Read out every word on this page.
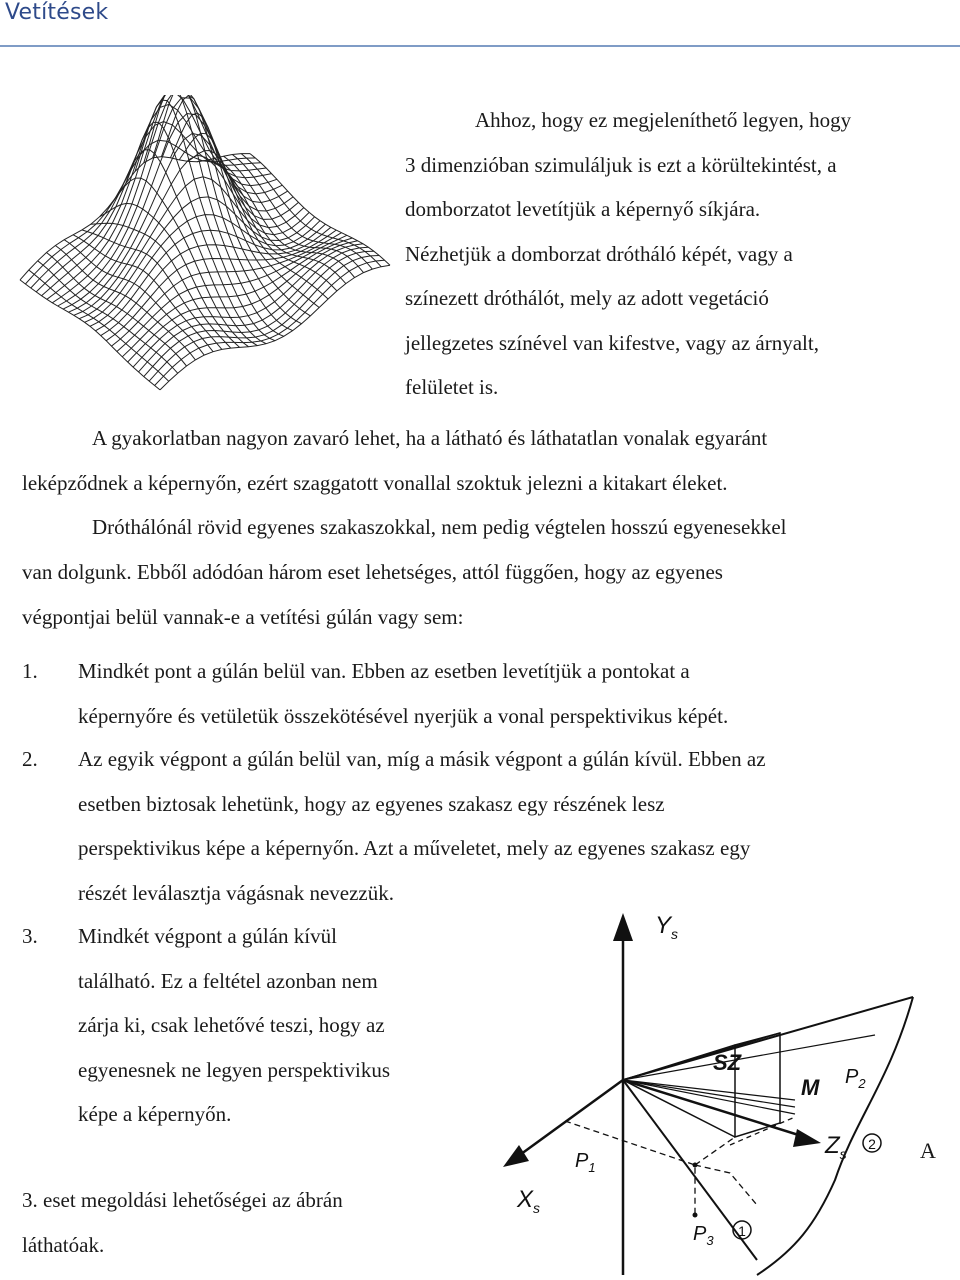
Vetítések

Ahhoz, hogy ez megjeleníthető legyen, hogy

3 dimenzióban szimuláljuk is ezt a körültekintést, a

domborzatot levetítjük a képernyő síkjára.

Nézhetjük a domborzat drótháló képét, vagy a

színezett dróthálót, mely az adott vegetáció

jellegzetes színével van kifestve, vagy az árnyalt,

felületet is.

A gyakorlatban nagyon zavaró lehet, ha a látható és láthatatlan vonalak egyaránt
leképződnek a képernyőn, ezért szaggatott vonallal szoktuk jelezni a kitakart éleket.
Dróthálónál rövid egyenes szakaszokkal, nem pedig végtelen hosszú egyenesekkel
van dolgunk. Ebből adódóan három eset lehetséges, attól függően, hogy az egyenes
végpontjai belül vannak-e a vetítési gúlán vagy sem:
1. Mindkét pont a gúlán belül van. Ebben az esetben levetítjük a pontokat a
képernyőre és vetületük összekötésével nyerjük a vonal perspektivikus képét.
2. Az egyik végpont a gúlán belül van, míg a másik végpont a gúlán kívül. Ebben az
esetben biztosak lehetünk, hogy az egyenes szakasz egy részének lesz
perspektivikus képe a képernyőn. Azt a műveletet, mely az egyenes szakasz egy
részét leválasztja vágásnak nevezzük.
3. Mindkét végpont a gúlán kívül
található. Ez a feltétel azonban nem
zárja ki, csak lehetővé teszi, hogy az
egyenesnek ne legyen perspektivikus
képe a képernyőn.
3. eset megoldási lehetőségei az ábrán
láthatóak.
A
$Y_s$
$X_s$
$Z_s$
SZ
M
$P_1$
$P_2$
$P_3$
1
2
